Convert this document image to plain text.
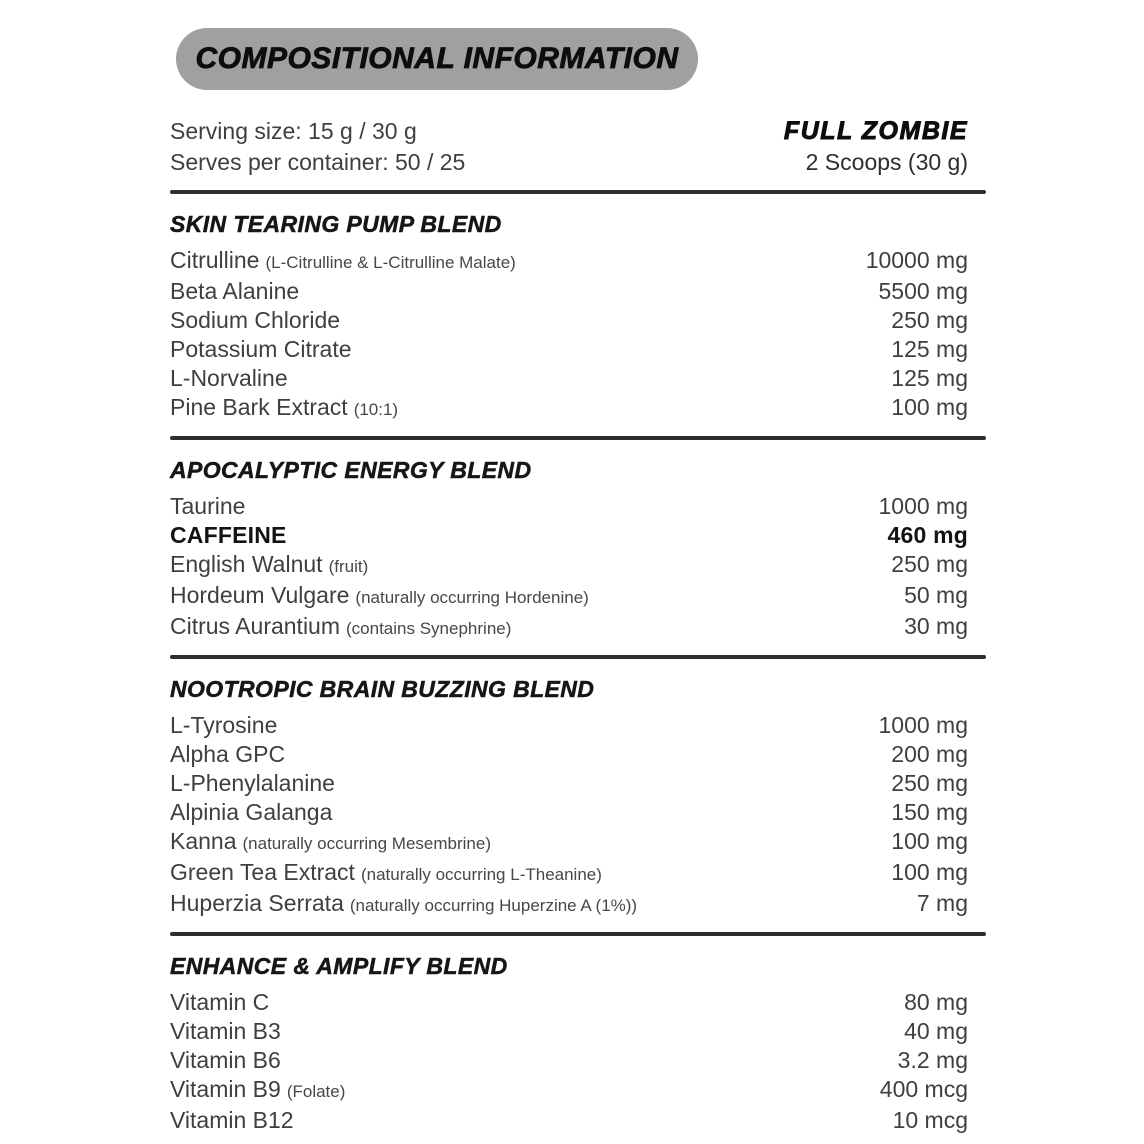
COMPOSITIONAL INFORMATION
Serving size: 15 g / 30 g
Serves per container: 50 / 25
FULL ZOMBIE
2 Scoops (30 g)
SKIN TEARING PUMP BLEND
Citrulline (L-Citrulline & L-Citrulline Malate)	10000 mg
Beta Alanine	5500 mg
Sodium Chloride	250 mg
Potassium Citrate	125 mg
L-Norvaline	125 mg
Pine Bark Extract (10:1)	100 mg
APOCALYPTIC ENERGY BLEND
Taurine	1000 mg
CAFFEINE	460 mg
English Walnut (fruit)	250 mg
Hordeum Vulgare (naturally occurring Hordenine)	50 mg
Citrus Aurantium (contains Synephrine)	30 mg
NOOTROPIC BRAIN BUZZING BLEND
L-Tyrosine	1000 mg
Alpha GPC	200 mg
L-Phenylalanine	250 mg
Alpinia Galanga	150 mg
Kanna (naturally occurring Mesembrine)	100 mg
Green Tea Extract (naturally occurring L-Theanine)	100 mg
Huperzia Serrata (naturally occurring Huperzine A (1%))	7 mg
ENHANCE & AMPLIFY BLEND
Vitamin C	80 mg
Vitamin B3	40 mg
Vitamin B6	3.2 mg
Vitamin B9 (Folate)	400 mcg
Vitamin B12	10 mcg
